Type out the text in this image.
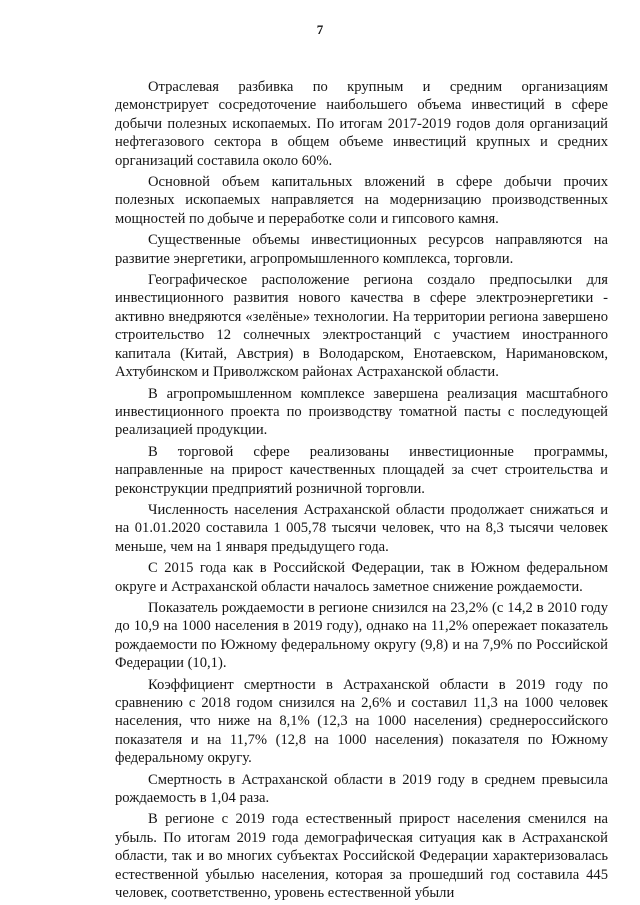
7

Отраслевая разбивка по крупным и средним организациям демонстрирует сосредоточение наибольшего объема инвестиций в сфере добычи полезных ископаемых. По итогам 2017-2019 годов доля организаций нефтегазового сектора в общем объеме инвестиций крупных и средних организаций составила около 60%.

Основной объем капитальных вложений в сфере добычи прочих полезных ископаемых направляется на модернизацию производственных мощностей по добыче и переработке соли и гипсового камня.

Существенные объемы инвестиционных ресурсов направляются на развитие энергетики, агропромышленного комплекса, торговли.

Географическое расположение региона создало предпосылки для инвестиционного развития нового качества в сфере электроэнергетики - активно внедряются «зелёные» технологии. На территории региона завершено строительство 12 солнечных электростанций с участием иностранного капитала (Китай, Австрия) в Володарском, Енотаевском, Наримановском, Ахтубинском и Приволжском районах Астраханской области.

В агропромышленном комплексе завершена реализация масштабного инвестиционного проекта по производству томатной пасты с последующей реализацией продукции.

В торговой сфере реализованы инвестиционные программы, направленные на прирост качественных площадей за счет строительства и реконструкции предприятий розничной торговли.

Численность населения Астраханской области продолжает снижаться и на 01.01.2020 составила 1 005,78 тысячи человек, что на 8,3 тысячи человек меньше, чем на 1 января предыдущего года.

С 2015 года как в Российской Федерации, так в Южном федеральном округе и Астраханской области началось заметное снижение рождаемости.

Показатель рождаемости в регионе снизился на 23,2% (с 14,2 в 2010 году до 10,9 на 1000 населения в 2019 году), однако на 11,2% опережает показатель рождаемости по Южному федеральному округу (9,8) и на 7,9% по Российской Федерации (10,1).

Коэффициент смертности в Астраханской области в 2019 году по сравнению с 2018 годом снизился на 2,6% и составил 11,3 на 1000 человек населения, что ниже на 8,1% (12,3 на 1000 населения) среднероссийского показателя и на 11,7% (12,8 на 1000 населения) показателя по Южному федеральному округу.

Смертность в Астраханской области в 2019 году в среднем превысила рождаемость в 1,04 раза.

В регионе с 2019 года естественный прирост населения сменился на убыль. По итогам 2019 года демографическая ситуация как в Астраханской области, так и во многих субъектах Российской Федерации характеризовалась естественной убылью населения, которая за прошедший год составила 445 человек, соответственно, уровень естественной убыли
